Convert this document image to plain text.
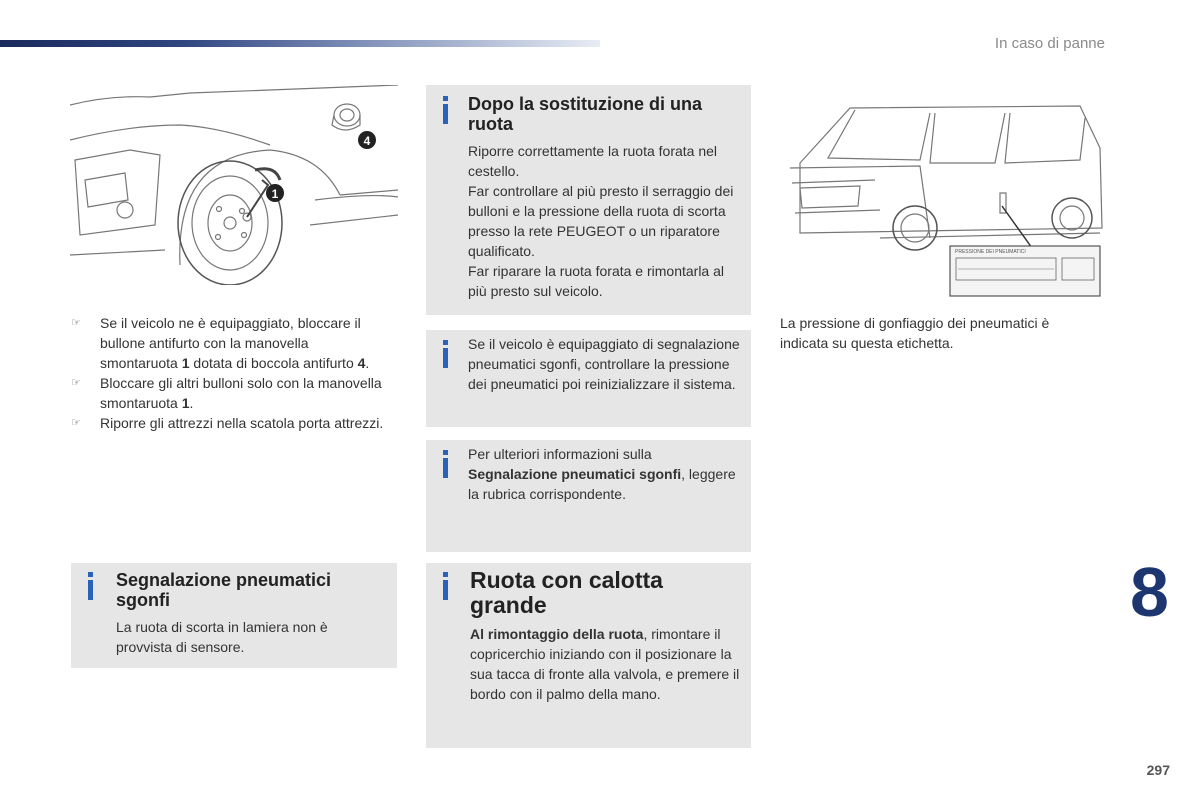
In caso di panne
1
4
PRESSIONE DEI PNEUMATICI
☞ Se il veicolo ne è equipaggiato, bloccare il bullone antifurto con la manovella smontaruota 1 dotata di boccola antifurto 4.
☞ Bloccare gli altri bulloni solo con la manovella smontaruota 1.
☞ Riporre gli attrezzi nella scatola porta attrezzi.
La pressione di gonfiaggio dei pneumatici è indicata su questa etichetta.
Dopo la sostituzione di una ruota
Riporre correttamente la ruota forata nel cestello.
Far controllare al più presto il serraggio dei bulloni e la pressione della ruota di scorta presso la rete PEUGEOT o un riparatore qualificato.
Far riparare la ruota forata e rimontarla al più presto sul veicolo.
Se il veicolo è equipaggiato di segnalazione pneumatici sgonfi, controllare la pressione dei pneumatici poi reinizializzare il sistema.
Per ulteriori informazioni sulla Segnalazione pneumatici sgonfi, leggere la rubrica corrispondente.
Segnalazione pneumatici sgonfi
La ruota di scorta in lamiera non è provvista di sensore.
Ruota con calotta grande
Al rimontaggio della ruota, rimontare il copricerchio iniziando con il posizionare la sua tacca di fronte alla valvola, e premere il bordo con il palmo della mano.
8
297
